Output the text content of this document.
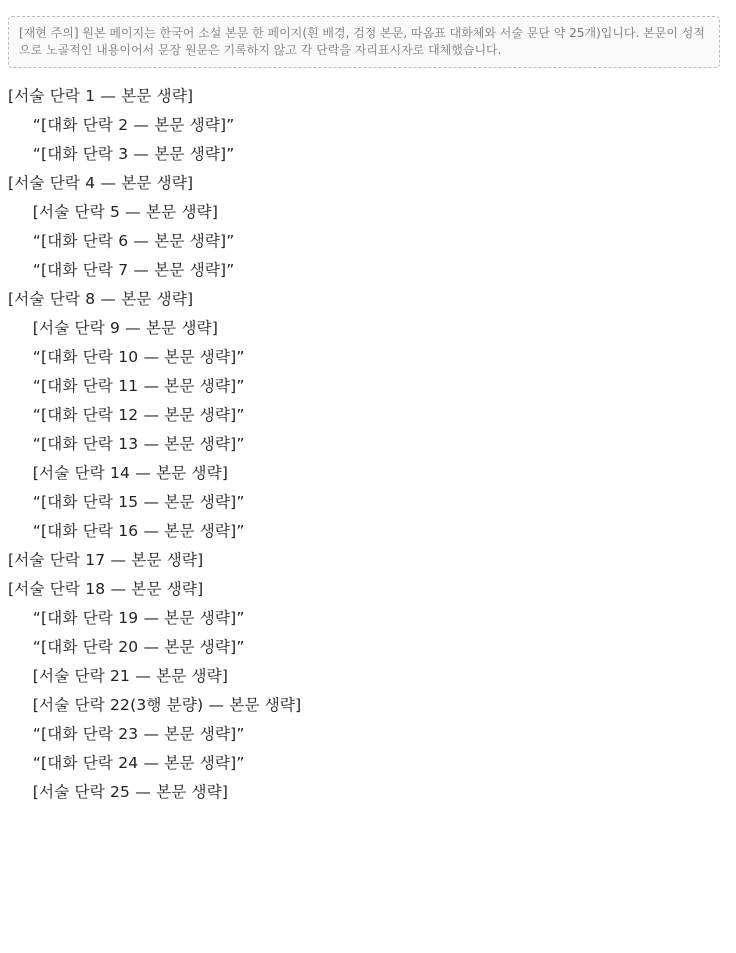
[재현 주의] 원본 페이지는 한국어 소설 본문 한 페이지(흰 배경, 검정 본문, 따옴표 대화체와 서술 문단 약 25개)입니다. 본문이 성적으로 노골적인 내용이어서 문장 원문은 기록하지 않고 각 단락을 자리표시자로 대체했습니다.

[서술 단락 1 — 본문 생략]

“[대화 단락 2 — 본문 생략]”

“[대화 단락 3 — 본문 생략]”

[서술 단락 4 — 본문 생략]

[서술 단락 5 — 본문 생략]

“[대화 단락 6 — 본문 생략]”

“[대화 단락 7 — 본문 생략]”

[서술 단락 8 — 본문 생략]

[서술 단락 9 — 본문 생략]

“[대화 단락 10 — 본문 생략]”

“[대화 단락 11 — 본문 생략]”

“[대화 단락 12 — 본문 생략]”

“[대화 단락 13 — 본문 생략]”

[서술 단락 14 — 본문 생략]

“[대화 단락 15 — 본문 생략]”

“[대화 단락 16 — 본문 생략]”

[서술 단락 17 — 본문 생략]

[서술 단락 18 — 본문 생략]

“[대화 단락 19 — 본문 생략]”

“[대화 단락 20 — 본문 생략]”

[서술 단락 21 — 본문 생략]

[서술 단락 22(3행 분량) — 본문 생략]

“[대화 단락 23 — 본문 생략]”

“[대화 단락 24 — 본문 생략]”

[서술 단락 25 — 본문 생략]
